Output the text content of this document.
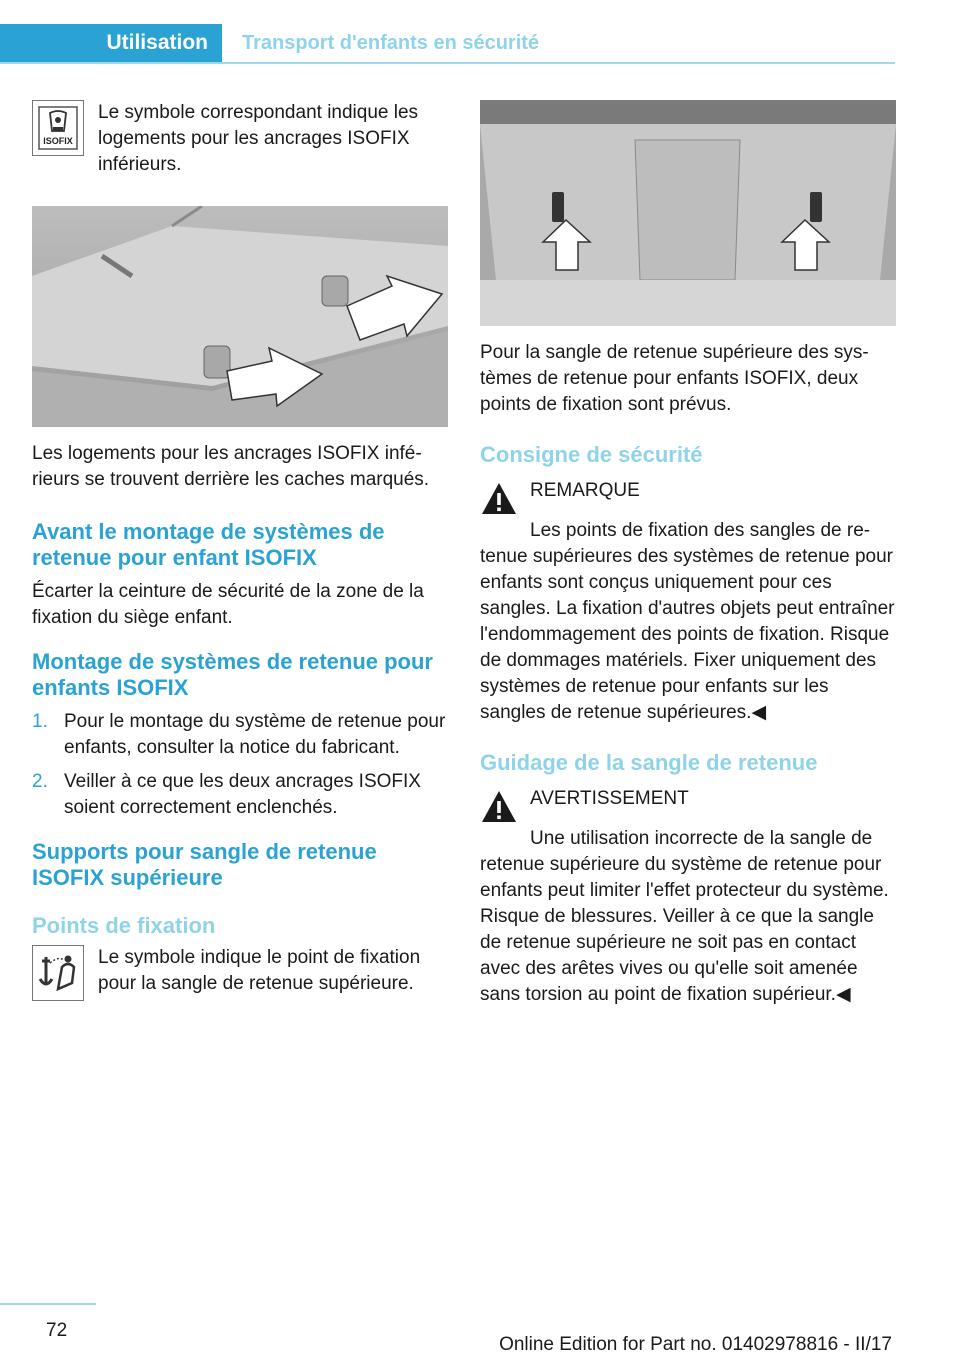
Utilisation	Transport d'enfants en sécurité
ISOFIX

Le symbole correspondant indique les logements pour les ancrages ISOFIX inférieurs.

Les logements pour les ancrages ISOFIX inférieurs se trouvent derrière les caches marqués.

Avant le montage de systèmes de retenue pour enfant ISOFIX

Écarter la ceinture de sécurité de la zone de la fixation du siège enfant.

Montage de systèmes de retenue pour enfants ISOFIX

1. Pour le montage du système de retenue pour enfants, consulter la notice du fabricant.
2. Veiller à ce que les deux ancrages ISOFIX soient correctement enclenchés.

Supports pour sangle de retenue ISOFIX supérieure

Points de fixation

Le symbole indique le point de fixation pour la sangle de retenue supérieure.

Pour la sangle de retenue supérieure des systèmes de retenue pour enfants ISOFIX, deux points de fixation sont prévus.

Consigne de sécurité

REMARQUE

Les points de fixation des sangles de retenue supérieures des systèmes de retenue pour enfants sont conçus uniquement pour ces sangles. La fixation d'autres objets peut entraîner l'endommagement des points de fixation. Risque de dommages matériels. Fixer uniquement des systèmes de retenue pour enfants sur les sangles de retenue supérieures.◀

Guidage de la sangle de retenue

AVERTISSEMENT

Une utilisation incorrecte de la sangle de retenue supérieure du système de retenue pour enfants peut limiter l'effet protecteur du système. Risque de blessures. Veiller à ce que la sangle de retenue supérieure ne soit pas en contact avec des arêtes vives ou qu'elle soit amenée sans torsion au point de fixation supérieur.◀

72
Online Edition for Part no. 01402978816 - II/17
